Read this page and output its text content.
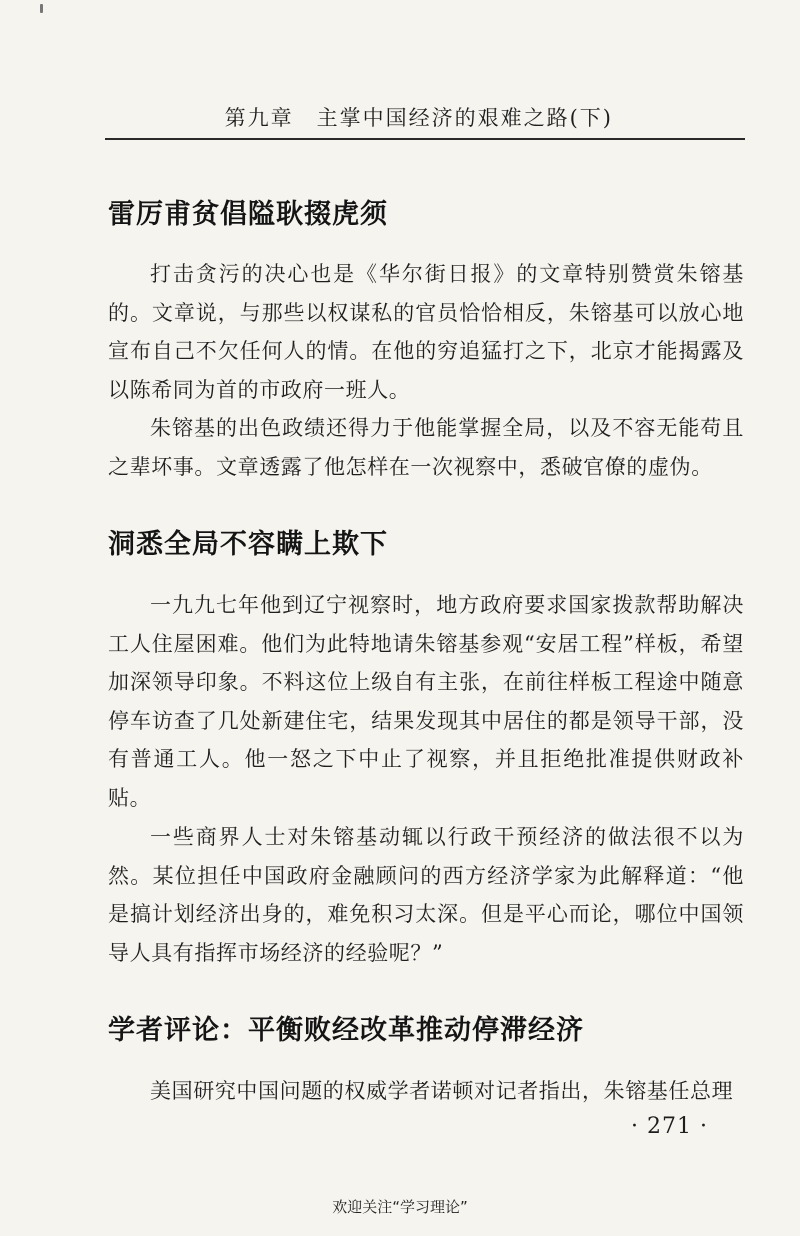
第九章　主掌中国经济的艰难之路(下)
雷厉甫贫倡隘耿掇虎须

打击贪污的决心也是《华尔街日报》的文章特别赞赏朱镕基的。文章说，与那些以权谋私的官员恰恰相反，朱镕基可以放心地宣布自己不欠任何人的情。在他的穷追猛打之下，北京才能揭露及以陈希同为首的市政府一班人。

朱镕基的出色政绩还得力于他能掌握全局，以及不容无能苟且之辈坏事。文章透露了他怎样在一次视察中，悉破官僚的虚伪。

洞悉全局不容瞒上欺下

一九九七年他到辽宁视察时，地方政府要求国家拨款帮助解决工人住屋困难。他们为此特地请朱镕基参观“安居工程”样板，希望加深领导印象。不料这位上级自有主张，在前往样板工程途中随意停车访查了几处新建住宅，结果发现其中居住的都是领导干部，没有普通工人。他一怒之下中止了视察，并且拒绝批准提供财政补贴。

一些商界人士对朱镕基动辄以行政干预经济的做法很不以为然。某位担任中国政府金融顾问的西方经济学家为此解释道：“他是搞计划经济出身的，难免积习太深。但是平心而论，哪位中国领导人具有指挥市场经济的经验呢？”

学者评论：平衡败经改革推动停滞经济

美国研究中国问题的权威学者诺顿对记者指出，朱镕基任总理

· 271 ·
欢迎关注“学习理论”
